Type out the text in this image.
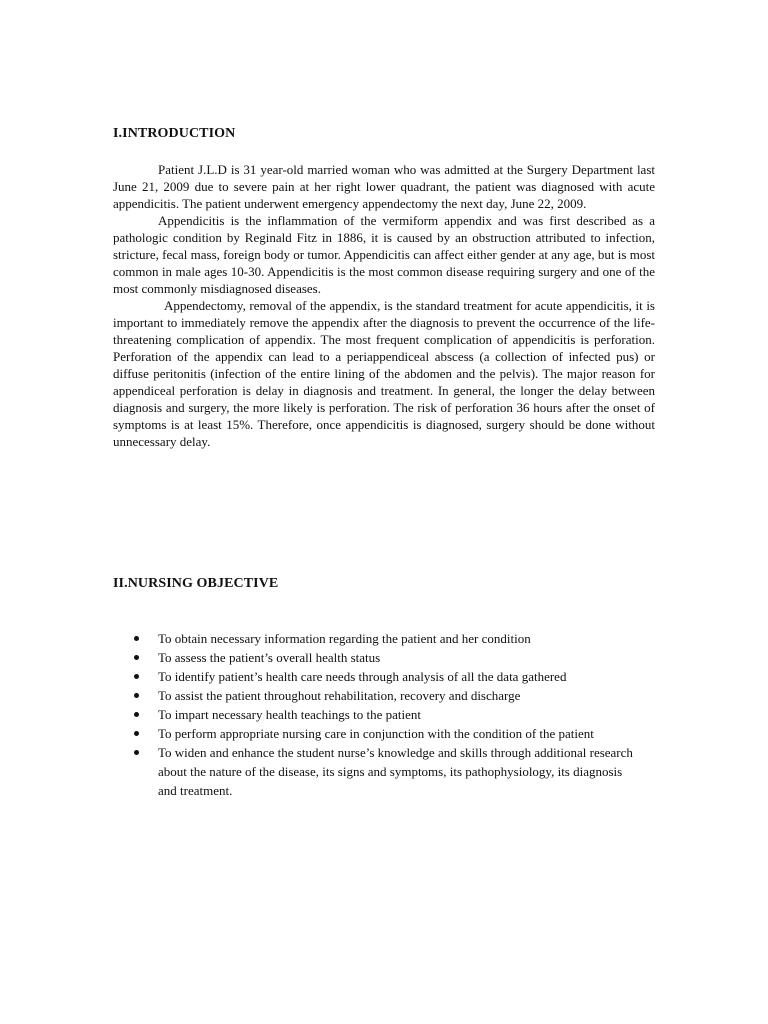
I.INTRODUCTION

Patient J.L.D is 31 year-old married woman who was admitted at the Surgery Department last June 21, 2009 due to severe pain at her right lower quadrant, the patient was diagnosed with acute appendicitis. The patient underwent emergency appendectomy the next day, June 22, 2009.

Appendicitis is the inflammation of the vermiform appendix and was first described as a pathologic condition by Reginald Fitz in 1886, it is caused by an obstruction attributed to infection, stricture, fecal mass, foreign body or tumor. Appendicitis can affect either gender at any age, but is most common in male ages 10-30. Appendicitis is the most common disease requiring surgery and one of the most commonly misdiagnosed diseases.

Appendectomy, removal of the appendix, is the standard treatment for acute appendicitis, it is important to immediately remove the appendix after the diagnosis to prevent the occurrence of the life-threatening complication of appendix. The most frequent complication of appendicitis is perforation. Perforation of the appendix can lead to a periappendiceal abscess (a collection of infected pus) or diffuse peritonitis (infection of the entire lining of the abdomen and the pelvis). The major reason for appendiceal perforation is delay in diagnosis and treatment. In general, the longer the delay between diagnosis and surgery, the more likely is perforation. The risk of perforation 36 hours after the onset of symptoms is at least 15%. Therefore, once appendicitis is diagnosed, surgery should be done without unnecessary delay.

II.NURSING OBJECTIVE
To obtain necessary information regarding the patient and her condition
To assess the patient’s overall health status
To identify patient’s health care needs through analysis of all the data gathered
To assist the patient throughout rehabilitation, recovery and discharge
To impart necessary health teachings to the patient
To perform appropriate nursing care in conjunction with the condition of the patient
To widen and enhance the student nurse’s knowledge and skills through additional research about the nature of the disease, its signs and symptoms, its pathophysiology, its diagnosis and treatment.
